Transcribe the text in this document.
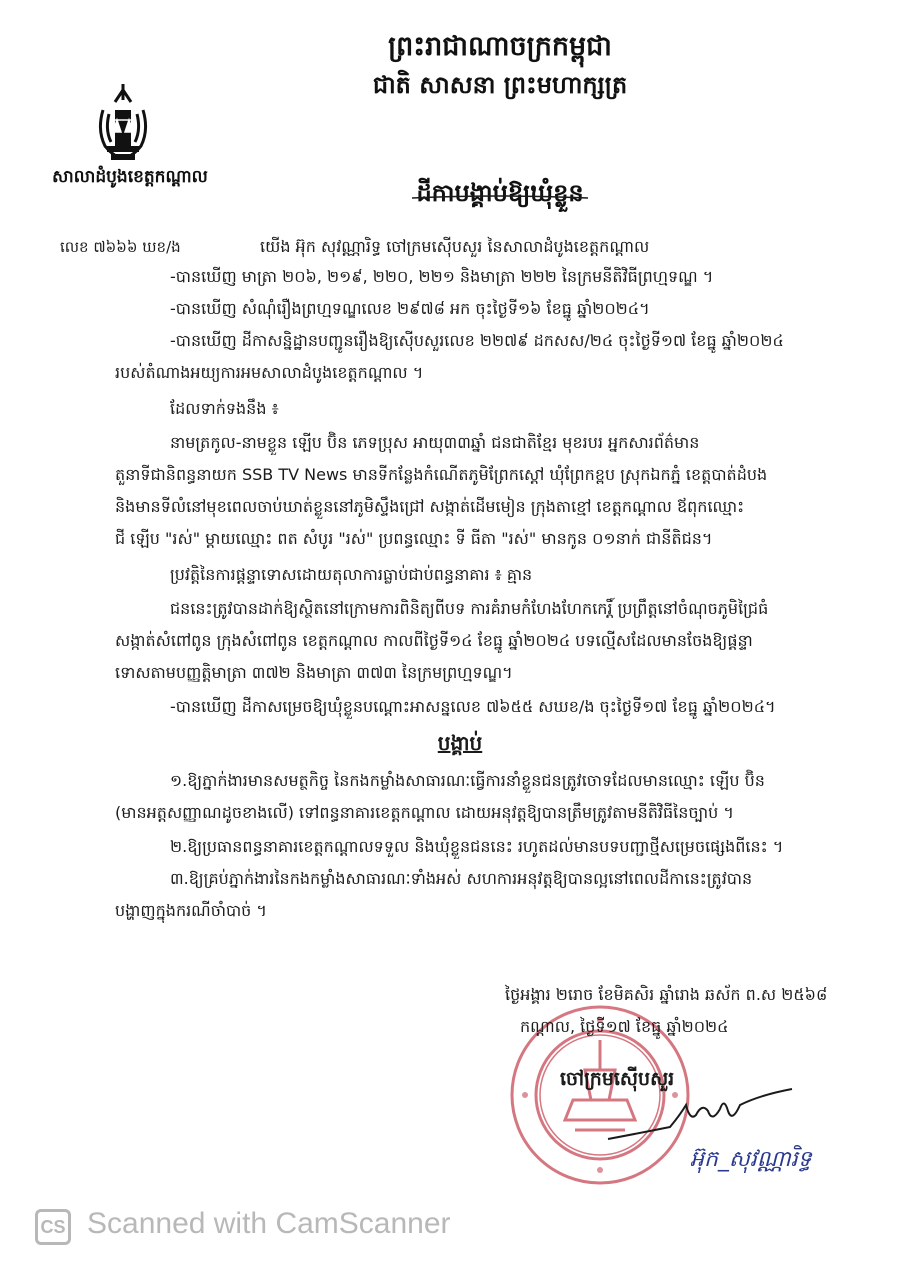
ព្រះរាជាណាចក្រកម្ពុជា
ជាតិ សាសនា ព្រះមហាក្សត្រ
សាលាដំបូងខេត្តកណ្ដាល
ដីកាបង្គាប់ឱ្យឃុំខ្លួន
លេខ ៧៦៦៦ ឃខ/ង	យើង អ៊ុក សុវណ្ណារិទ្ធ ចៅក្រមស៊ើបសួរ នៃសាលាដំបូងខេត្តកណ្ដាល
-បានឃើញ មាត្រា ២០៦, ២១៩, ២២០, ២២១ និងមាត្រា ២២២ នៃក្រមនីតិវិធីព្រហ្មទណ្ឌ ។
-បានឃើញ សំណុំរឿងព្រហ្មទណ្ឌលេខ ២៩៧៨ អក ចុះថ្ងៃទី១៦ ខែធ្នូ ឆ្នាំ២០២៤។
-បានឃើញ ដីកាសន្និដ្ឋានបញ្ជូនរឿងឱ្យស៊ើបសួរលេខ ២២៧៩ ដកសស/២៤ ចុះថ្ងៃទី១៧ ខែធ្នូ ឆ្នាំ២០២៤
របស់តំណាងអយ្យការអមសាលាដំបូងខេត្តកណ្ដាល ។
ដែលទាក់ទងនឹង ៖
នាមត្រកូល-នាមខ្លួន ឡើប ប៊ិន ភេទប្រុស អាយុ៣៣ឆ្នាំ ជនជាតិខ្មែរ មុខរបរ អ្នកសារព័ត៌មាន
តួនាទីជានិពន្ធនាយក SSB TV News មានទីកន្លែងកំណើតភូមិព្រែកស្តៅ ឃុំព្រែកខ្ពប ស្រុកឯកភ្នំ ខេត្តបាត់ដំបង
និងមានទីលំនៅមុខពេលចាប់ឃាត់ខ្លួននៅភូមិស្ទឹងជ្រៅ សង្កាត់ដើមមៀន ក្រុងតាខ្មៅ ខេត្តកណ្ដាល ឪពុកឈ្មោះ
ជី ឡើប "រស់" ម្ដាយឈ្មោះ ពត សំបូរ "រស់" ប្រពន្ធឈ្មោះ ទី ធីតា "រស់" មានកូន ០១នាក់ ជានីតិជន។
ប្រវត្តិនៃការផ្ដន្ទាទោសដោយតុលាការធ្លាប់ជាប់ពន្ធនាគារ ៖ គ្មាន
ជននេះត្រូវបានដាក់ឱ្យស្ថិតនៅក្រោមការពិនិត្យពីបទ ការគំរាមកំហែងហែកកេរ្តិ៍ ប្រព្រឹត្តនៅចំណុចភូមិជ្រៃធំ
សង្កាត់សំពៅពូន ក្រុងសំពៅពូន ខេត្តកណ្ដាល កាលពីថ្ងៃទី១៤ ខែធ្នូ ឆ្នាំ២០២៤ បទល្មើសដែលមានចែងឱ្យផ្ដន្ទា
ទោសតាមបញ្ញត្តិមាត្រា ៣៧២ និងមាត្រា ៣៧៣ នៃក្រមព្រហ្មទណ្ឌ។
-បានឃើញ ដីកាសម្រេចឱ្យឃុំខ្លួនបណ្ដោះអាសន្នលេខ ៧៦៥៥ សឃខ/ង ចុះថ្ងៃទី១៧ ខែធ្នូ ឆ្នាំ២០២៤។
បង្គាប់
១.ឱ្យភ្នាក់ងារមានសមត្ថកិច្ច នៃកងកម្លាំងសាធារណៈធ្វើការនាំខ្លួនជនត្រូវចោទដែលមានឈ្មោះ ឡើប ប៊ិន
(មានអត្តសញ្ញាណដូចខាងលើ) ទៅពន្ធនាគារខេត្តកណ្ដាល ដោយអនុវត្តឱ្យបានត្រឹមត្រូវតាមនីតិវិធីនៃច្បាប់ ។
២.ឱ្យប្រធានពន្ធនាគារខេត្តកណ្ដាលទទួល និងឃុំខ្លួនជននេះ រហូតដល់មានបទបញ្ជាថ្មីសម្រេចផ្សេងពីនេះ ។
៣.ឱ្យគ្រប់ភ្នាក់ងារនៃកងកម្លាំងសាធារណៈទាំងអស់ សហការអនុវត្តឱ្យបានល្អនៅពេលដីកានេះត្រូវបាន
បង្ហាញក្នុងករណីចាំបាច់ ។
ថ្ងៃអង្គារ ២រោច ខែមិគសិរ ឆ្នាំរោង ឆស័ក ព.ស ២៥៦៨
កណ្ដាល, ថ្ងៃទី១៧ ខែធ្នូ ឆ្នាំ២០២៤
ចៅក្រមស៊ើបសួរ
អ៊ុក_សុវណ្ណារិទ្ធ
CS Scanned with CamScanner
